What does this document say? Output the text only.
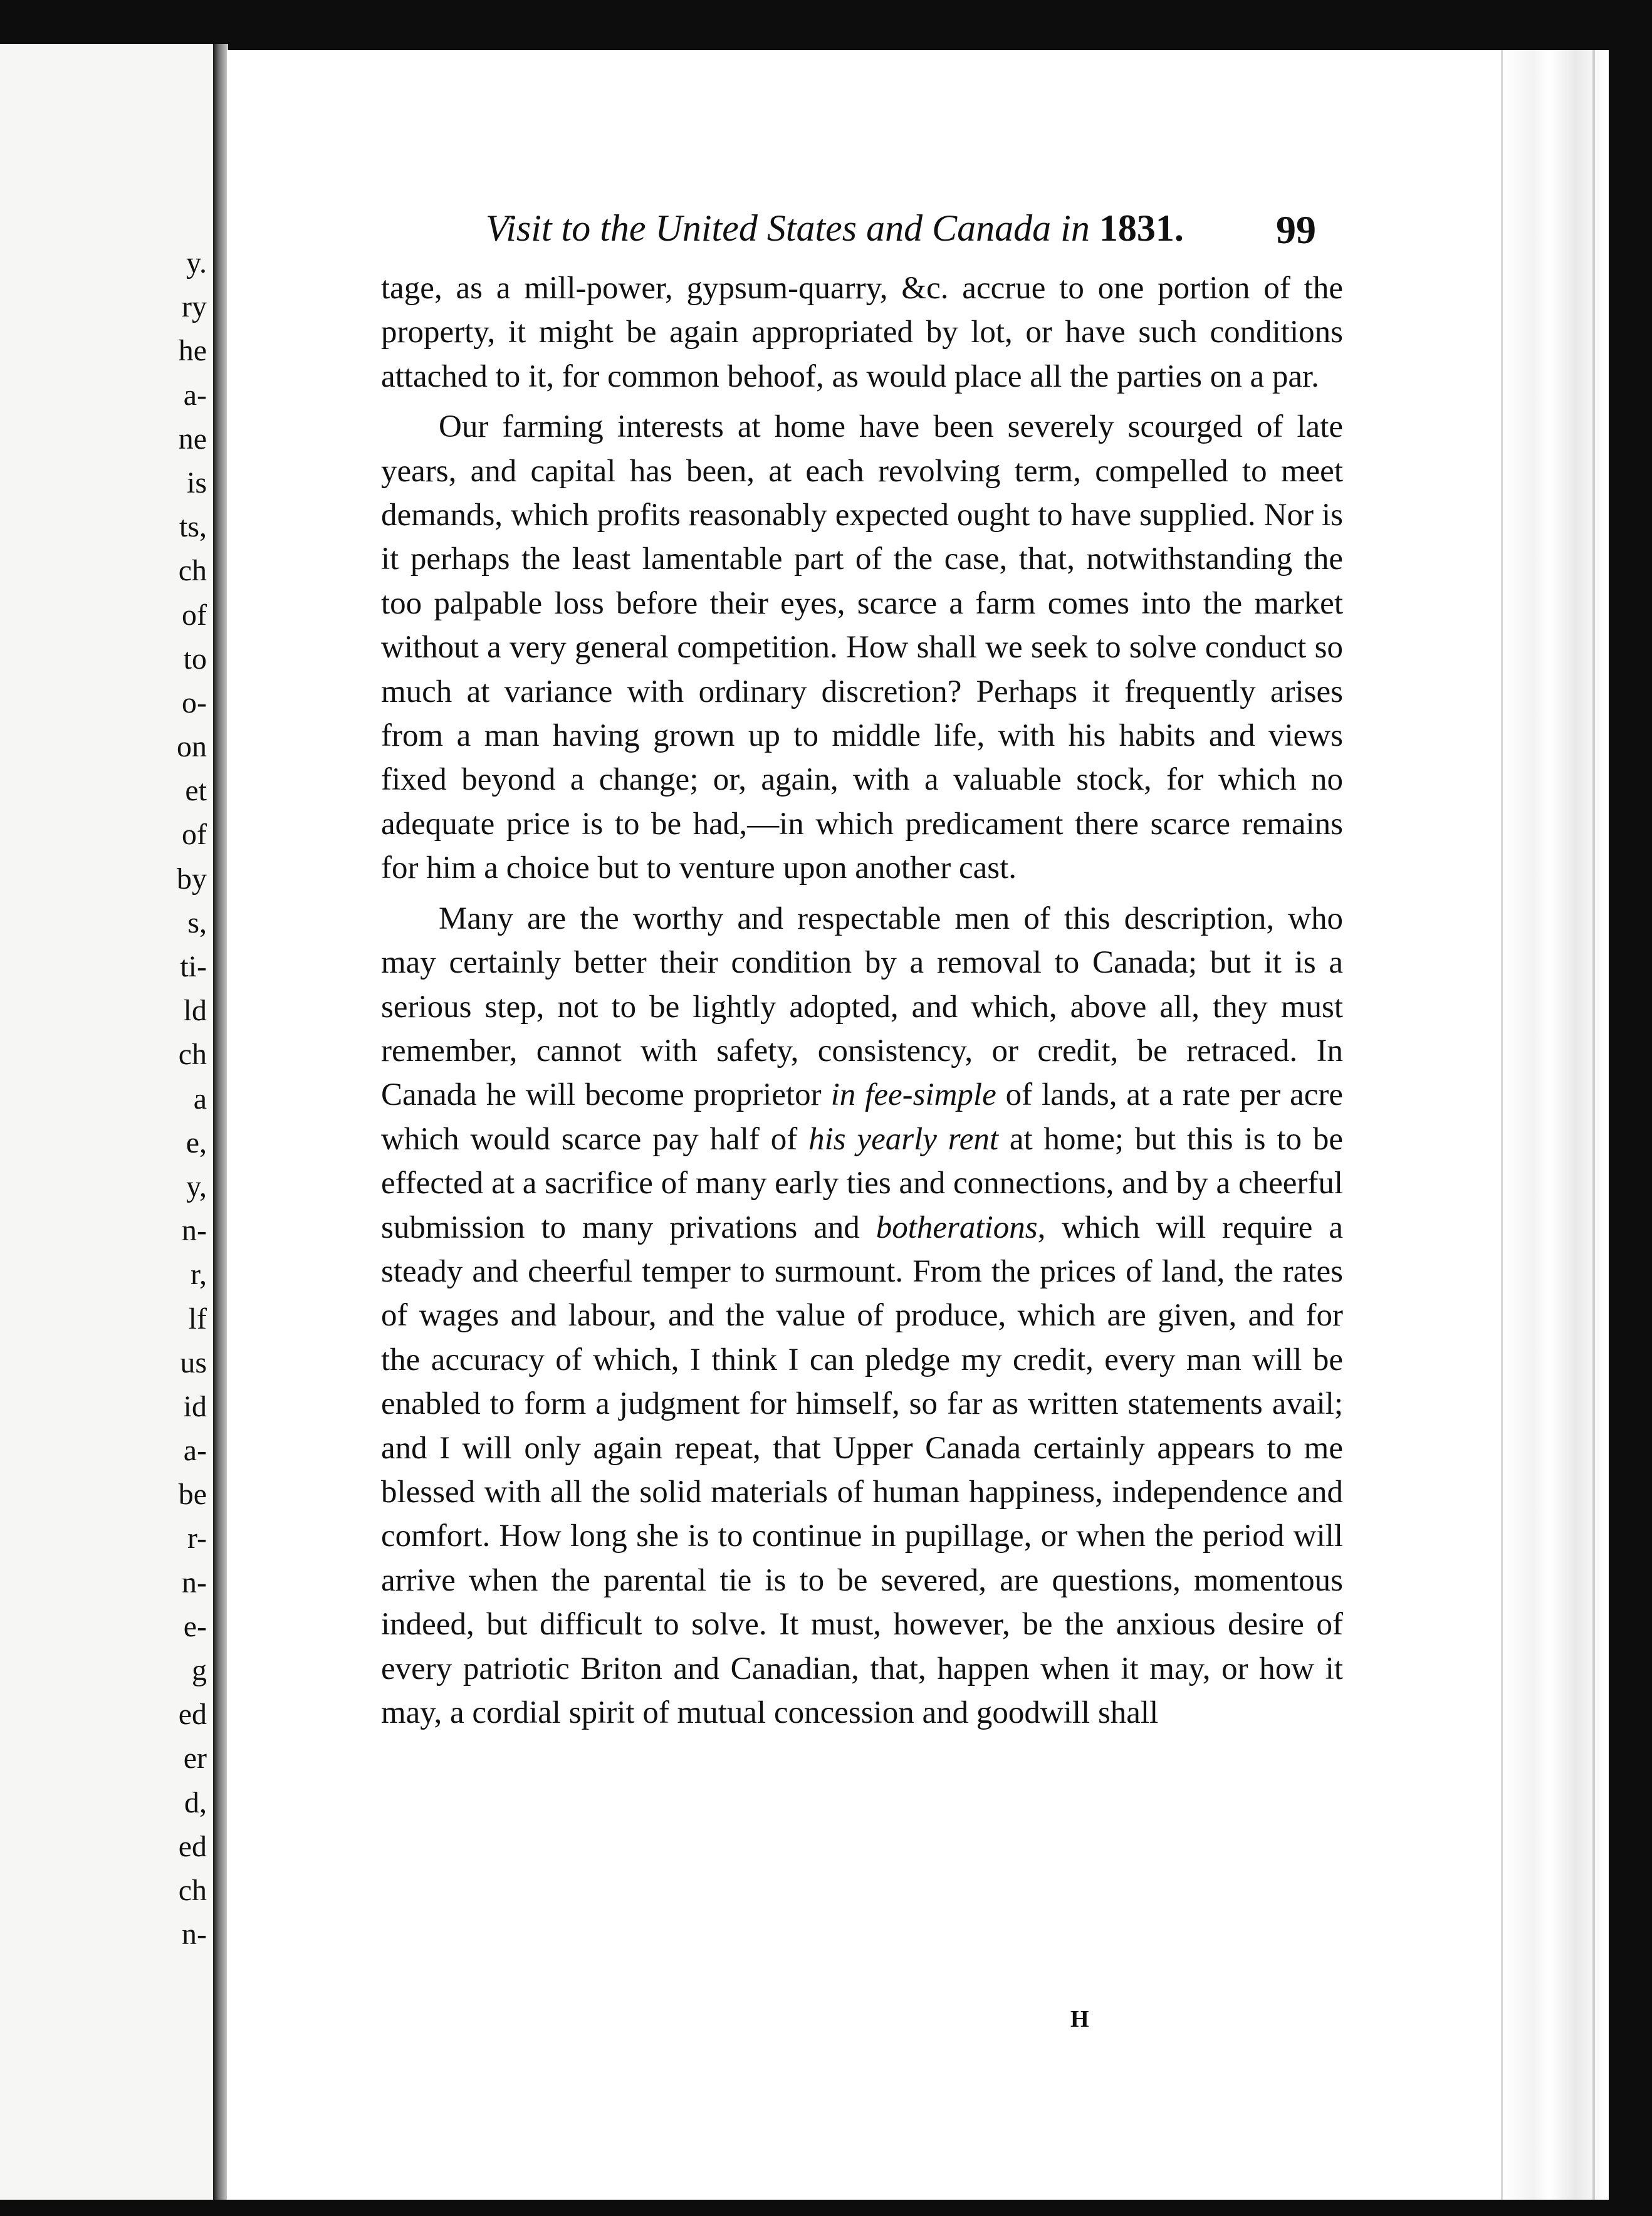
y.
ry
he
a-
ne
is
ts,
ch
of
to
o-
on
et
of
by
s,
ti-
ld
ch
a
e,
y,
n-
r,
lf
us
id
a-
be
r-
n-
e-
g
ed
er
d,
ed
ch
n-
Visit to the United States and Canada in 1831. 99

tage, as a mill-power, gypsum-quarry, &c. accrue to one portion of the property, it might be again appropriated by lot, or have such conditions attached to it, for common behoof, as would place all the parties on a par.

Our farming interests at home have been severely scourged of late years, and capital has been, at each revolving term, compelled to meet demands, which profits reasonably expected ought to have supplied. Nor is it perhaps the least lamentable part of the case, that, notwithstanding the too palpable loss before their eyes, scarce a farm comes into the market without a very general competition. How shall we seek to solve conduct so much at variance with ordinary discretion? Perhaps it frequently arises from a man having grown up to middle life, with his habits and views fixed beyond a change; or, again, with a valuable stock, for which no adequate price is to be had,—in which predicament there scarce remains for him a choice but to venture upon another cast.

Many are the worthy and respectable men of this description, who may certainly better their condition by a removal to Canada; but it is a serious step, not to be lightly adopted, and which, above all, they must remember, cannot with safety, consistency, or credit, be retraced. In Canada he will become proprietor in fee-simple of lands, at a rate per acre which would scarce pay half of his yearly rent at home; but this is to be effected at a sacrifice of many early ties and connections, and by a cheerful submission to many privations and botherations, which will require a steady and cheerful temper to surmount. From the prices of land, the rates of wages and labour, and the value of produce, which are given, and for the accuracy of which, I think I can pledge my credit, every man will be enabled to form a judgment for himself, so far as written statements avail; and I will only again repeat, that Upper Canada certainly appears to me blessed with all the solid materials of human happiness, independence and comfort. How long she is to continue in pupillage, or when the period will arrive when the parental tie is to be severed, are questions, momentous indeed, but difficult to solve. It must, however, be the anxious desire of every patriotic Briton and Canadian, that, happen when it may, or how it may, a cordial spirit of mutual concession and goodwill shall

H
